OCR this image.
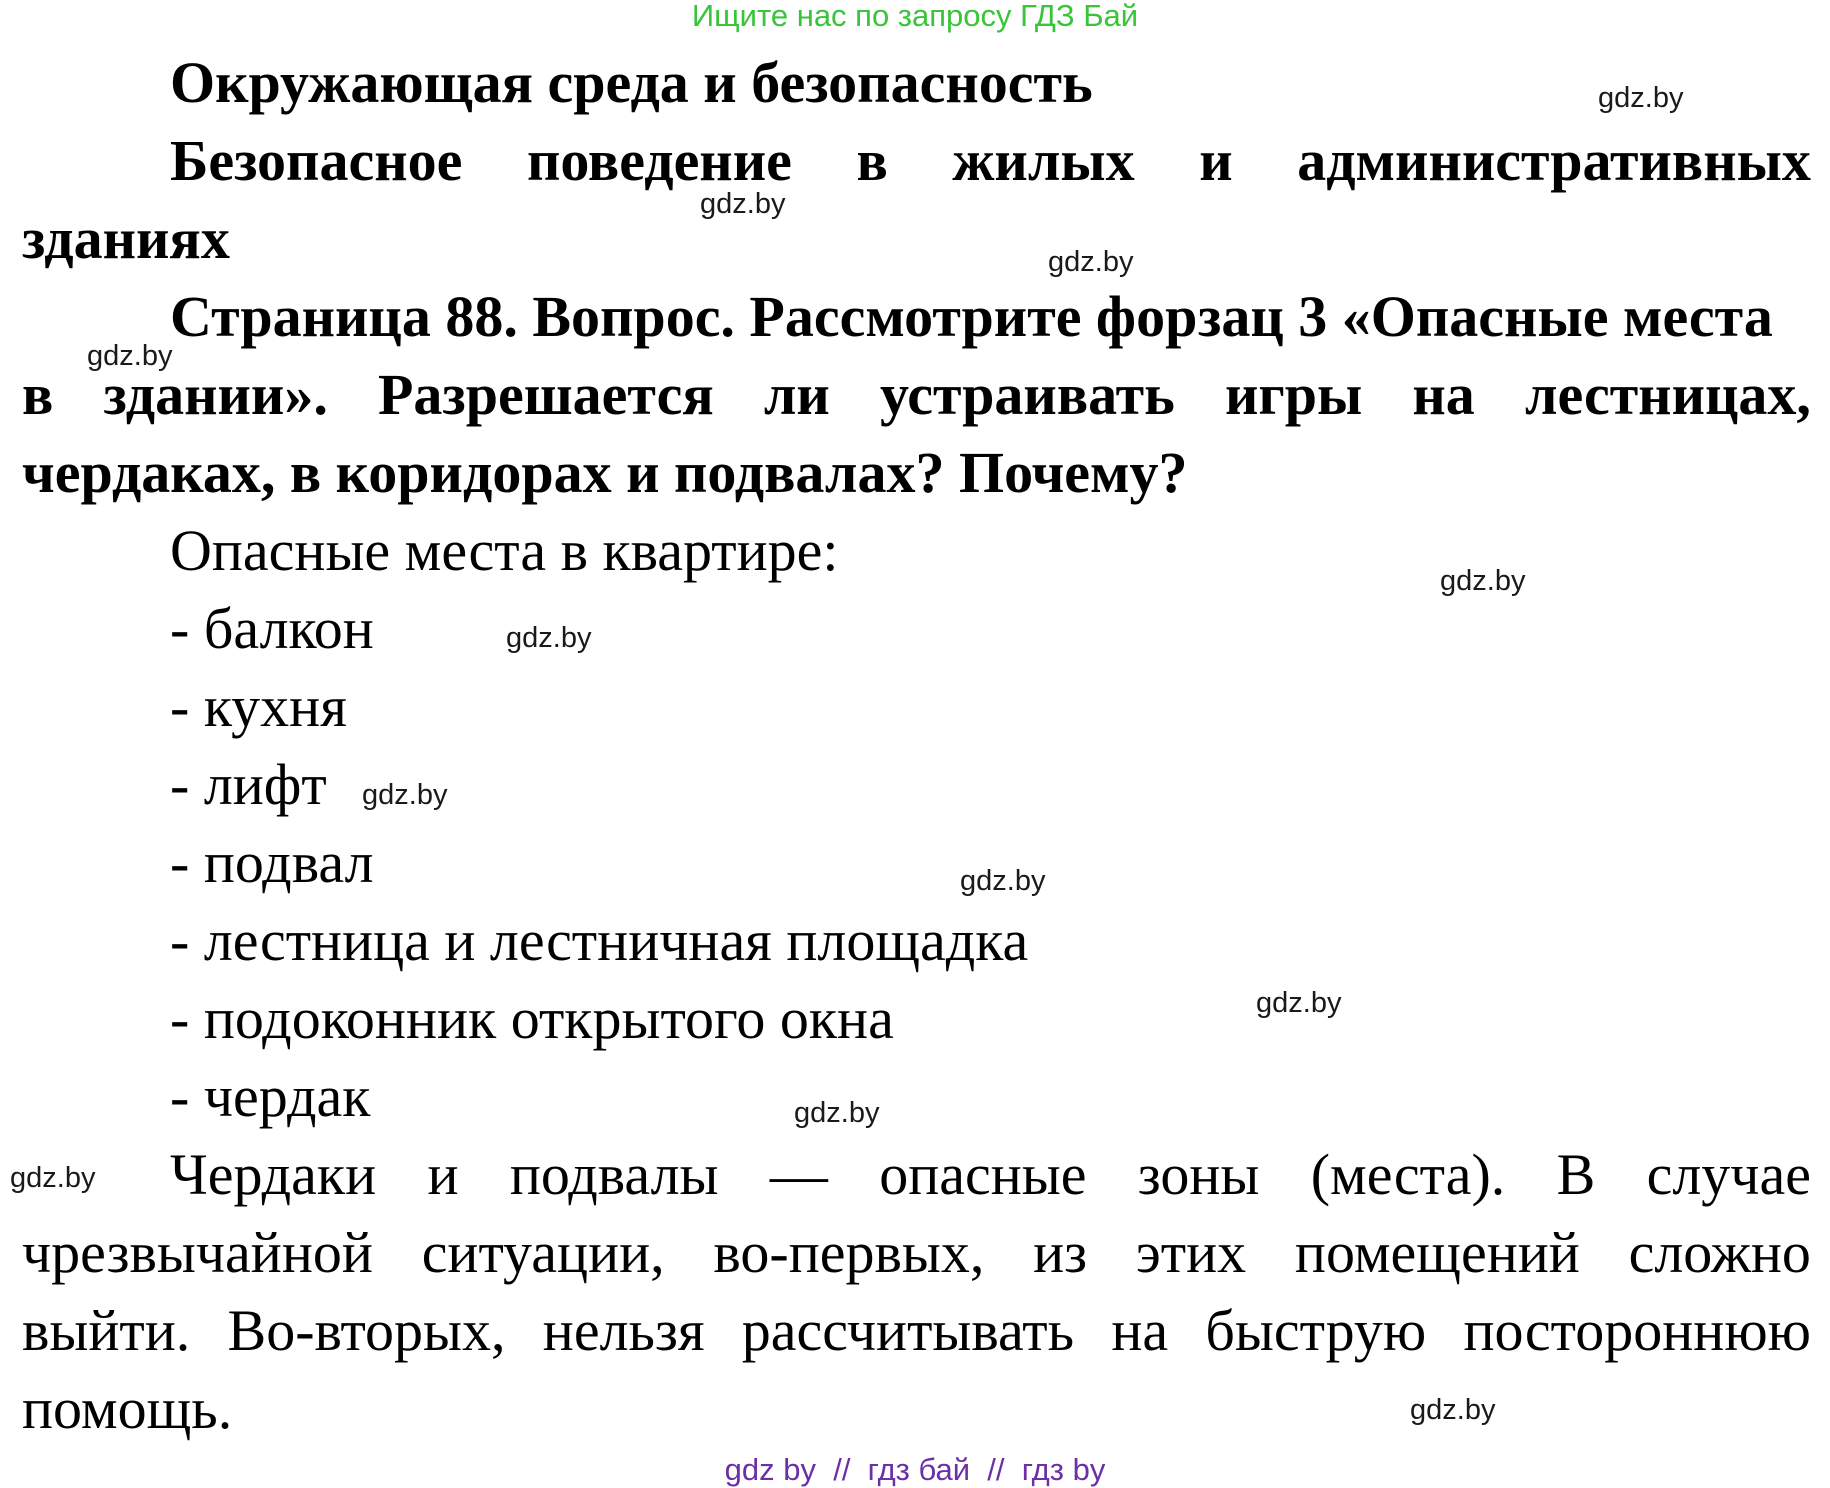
Ищите нас по запросу ГДЗ Бай
Окружающая среда и безопасность
Безопасное поведение в жилых и административных
зданиях
Страница 88. Вопрос. Рассмотрите форзац 3 «Опасные места
в здании». Разрешается ли устраивать игры на лестницах,
чердаках, в коридорах и подвалах? Почему?
Опасные места в квартире:
- балкон
- кухня
- лифт
- подвал
- лестница и лестничная площадка
- подоконник открытого окна
- чердак
Чердаки и подвалы — опасные зоны (места). В случае
чрезвычайной ситуации, во-первых, из этих помещений сложно
выйти. Во-вторых, нельзя рассчитывать на быструю постороннюю
помощь.
gdz.by
gdz.by
gdz.by
gdz.by
gdz.by
gdz.by
gdz.by
gdz.by
gdz.by
gdz.by
gdz.by
gdz.by
gdz by  //  гдз бай  //  гдз by
